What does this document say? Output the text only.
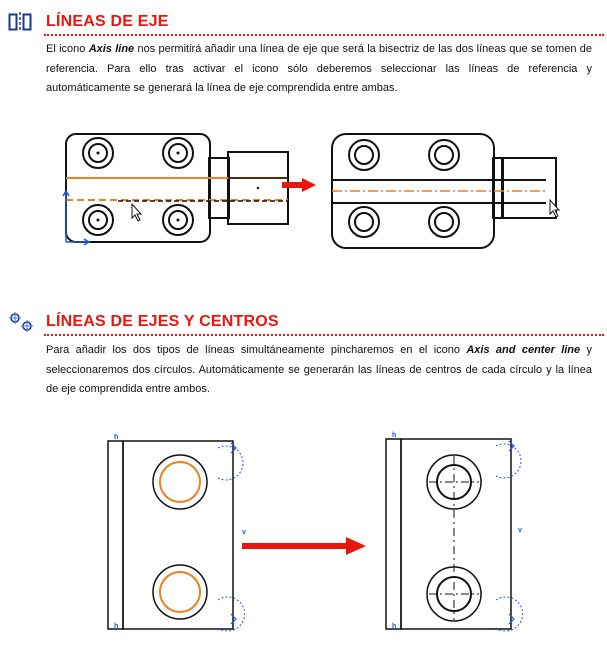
LÍNEAS DE EJE
El icono Axis line nos permitirá añadir una línea de eje que será la bisectriz de las dos líneas que se tomen de referencia. Para ello tras activar el icono sólo deberemos seleccionar las líneas de referencia y automáticamente se generará la línea de eje comprendida entre ambas.
LÍNEAS DE EJES Y CENTROS
Para añadir los dos tipos de líneas simultáneamente pincharemos en el icono Axis and center line y seleccionaremos dos círculos. Automáticamente se generarán las líneas de centros de cada círculo y la línea de eje comprendida entre ambos.
h
h
v
h
h
v
